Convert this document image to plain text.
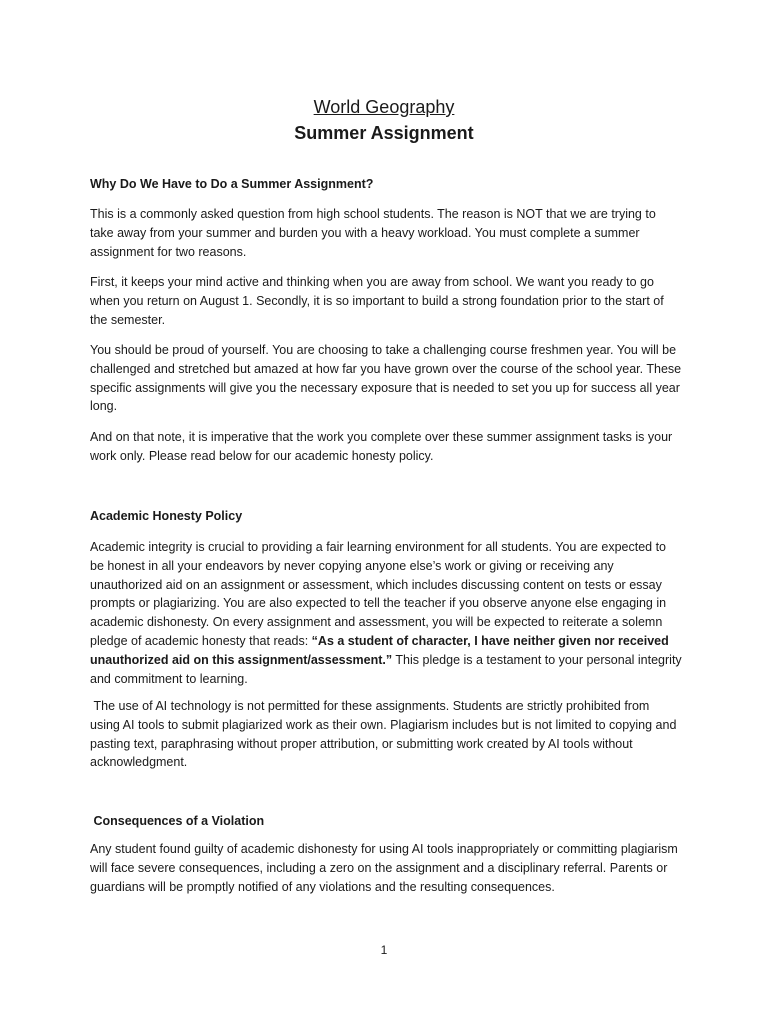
World Geography

Summer Assignment

Why Do We Have to Do a Summer Assignment?

This is a commonly asked question from high school students. The reason is NOT that we are trying to take away from your summer and burden you with a heavy workload. You must complete a summer assignment for two reasons.

First, it keeps your mind active and thinking when you are away from school. We want you ready to go when you return on August 1. Secondly, it is so important to build a strong foundation prior to the start of the semester.

You should be proud of yourself. You are choosing to take a challenging course freshmen year. You will be challenged and stretched but amazed at how far you have grown over the course of the school year. These specific assignments will give you the necessary exposure that is needed to set you up for success all year long.

And on that note, it is imperative that the work you complete over these summer assignment tasks is your work only. Please read below for our academic honesty policy.

Academic Honesty Policy

Academic integrity is crucial to providing a fair learning environment for all students. You are expected to be honest in all your endeavors by never copying anyone else’s work or giving or receiving any unauthorized aid on an assignment or assessment, which includes discussing content on tests or essay prompts or plagiarizing. You are also expected to tell the teacher if you observe anyone else engaging in academic dishonesty. On every assignment and assessment, you will be expected to reiterate a solemn pledge of academic honesty that reads: “As a student of character, I have neither given nor received unauthorized aid on this assignment/assessment.” This pledge is a testament to your personal integrity and commitment to learning.

The use of AI technology is not permitted for these assignments. Students are strictly prohibited from using AI tools to submit plagiarized work as their own. Plagiarism includes but is not limited to copying and pasting text, paraphrasing without proper attribution, or submitting work created by AI tools without acknowledgment.

Consequences of a Violation

Any student found guilty of academic dishonesty for using AI tools inappropriately or committing plagiarism will face severe consequences, including a zero on the assignment and a disciplinary referral. Parents or guardians will be promptly notified of any violations and the resulting consequences.

1
